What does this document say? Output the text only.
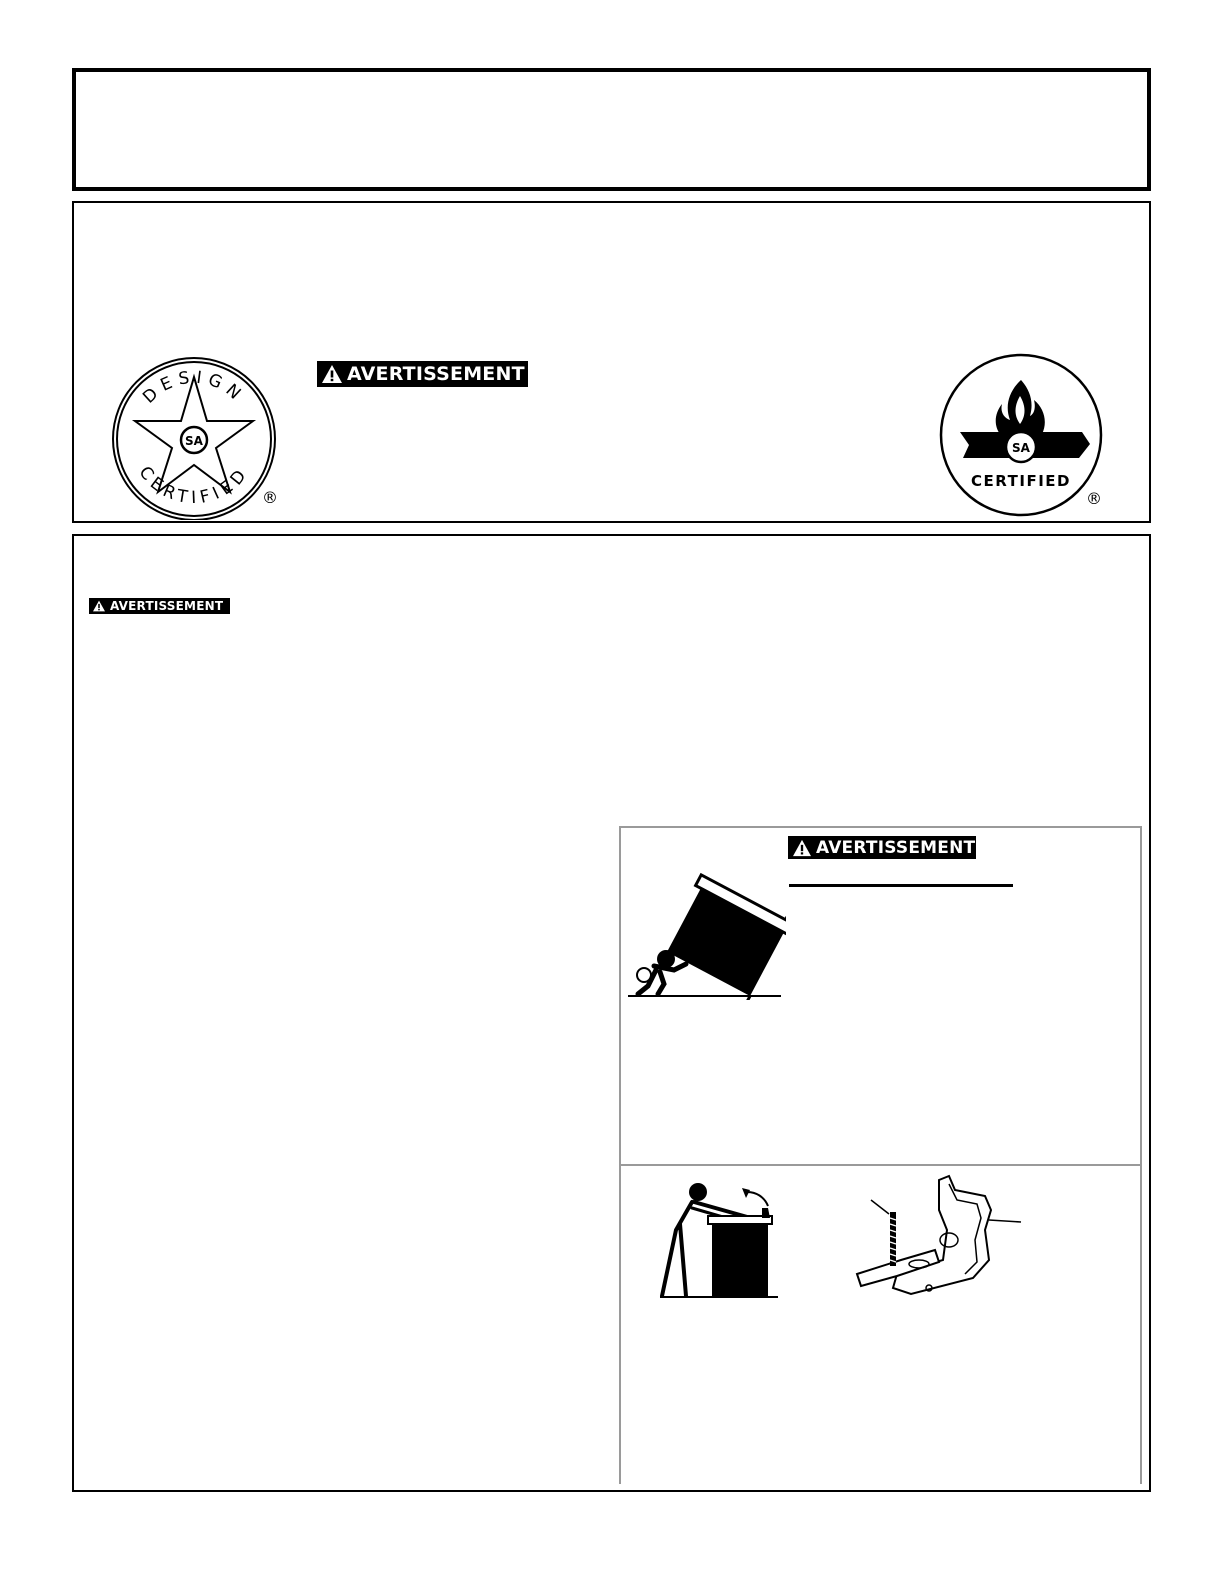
DESIGN
CERTIFIED
SA
®
SA
CERTIFIED
®
AVERTISSEMENT
AVERTISSEMENT
AVERTISSEMENT
